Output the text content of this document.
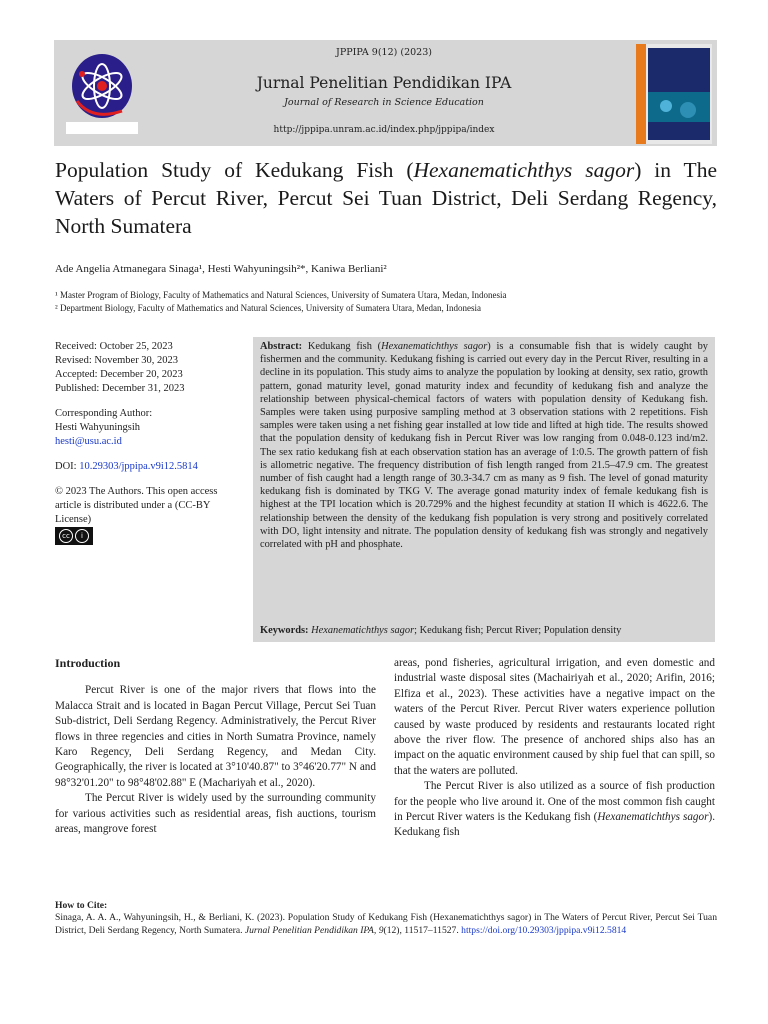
JPPIPA 9(12) (2023)
Jurnal Penelitian Pendidikan IPA
Journal of Research in Science Education
http://jppipa.unram.ac.id/index.php/jppipa/index
Population Study of Kedukang Fish (Hexanematichthys sagor) in The Waters of Percut River, Percut Sei Tuan District, Deli Serdang Regency, North Sumatera
Ade Angelia Atmanegara Sinaga¹, Hesti Wahyuningsih²*, Kaniwa Berliani²
¹ Master Program of Biology, Faculty of Mathematics and Natural Sciences, University of Sumatera Utara, Medan, Indonesia
² Department Biology, Faculty of Mathematics and Natural Sciences, University of Sumatera Utara, Medan, Indonesia
Received: October 25, 2023
Revised: November 30, 2023
Accepted: December 20, 2023
Published: December 31, 2023
Corresponding Author:
Hesti Wahyuningsih
hesti@usu.ac.id
DOI: 10.29303/jppipa.v9i12.5814
© 2023 The Authors. This open access article is distributed under a (CC-BY License)
cc	i
Abstract: Kedukang fish (Hexanematichthys sagor) is a consumable fish that is widely caught by fishermen and the community. Kedukang fishing is carried out every day in the Percut River, resulting in a decline in its population. This study aims to analyze the population by looking at density, sex ratio, growth pattern, gonad maturity level, gonad maturity index and fecundity of kedukang fish and analyze the relationship between physical-chemical factors of waters with population density of Kedukang fish. Samples were taken using purposive sampling method at 3 observation stations with 2 repetitions. Fish samples were taken using a net fishing gear installed at low tide and lifted at high tide. The results showed that the population density of kedukang fish in Percut River was low ranging from 0.048-0.123 ind/m2. The sex ratio kedukang fish at each observation station has an average of 1:0.5. The growth pattern of fish is allometric negative. The frequency distribution of fish length ranged from 21.5–47.9 cm. The greatest number of fish caught had a length range of 30.3-34.7 cm as many as 9 fish. The level of gonad maturity kedukang fish is dominated by TKG V. The average gonad maturity index of female kedukang fish is highest at the TPI location which is 20.729% and the highest fecundity at station II which is 4622.6. The relationship between the density of the kedukang fish population is very strong and positively correlated with DO, light intensity and nitrate. The population density of kedukang fish was strongly and negatively correlated with pH and phosphate.
Keywords: Hexanematichthys sagor; Kedukang fish; Percut River; Population density
Introduction

Percut River is one of the major rivers that flows into the Malacca Strait and is located in Bagan Percut Village, Percut Sei Tuan Sub-district, Deli Serdang Regency. Administratively, the Percut River flows in three regencies and cities in North Sumatra Province, namely Karo Regency, Deli Serdang Regency, and Medan City. Geographically, the river is located at 3°10'40.87" to 3°46'20.77" N and 98°32'01.20" to 98°48'02.88" E (Machariyah et al., 2020).

The Percut River is widely used by the surrounding community for various activities such as residential areas, fish auctions, tourism areas, mangrove forest

areas, pond fisheries, agricultural irrigation, and even domestic and industrial waste disposal sites (Machairiyah et al., 2020; Arifin, 2016; Elfiza et al., 2023). These activities have a negative impact on the waters of the Percut River. Percut River waters experience pollution caused by waste produced by residents and restaurants located right above the river flow. The presence of anchored ships also has an impact on the aquatic environment caused by ship fuel that can spill, so that the waters are polluted.

The Percut River is also utilized as a source of fish production for the people who live around it. One of the most common fish caught in Percut River waters is the Kedukang fish (Hexanematichthys sagor). Kedukang fish

How to Cite:
Sinaga, A. A. A., Wahyuningsih, H., & Berliani, K. (2023). Population Study of Kedukang Fish (Hexanematichthys sagor) in The Waters of Percut River, Percut Sei Tuan District, Deli Serdang Regency, North Sumatera. Jurnal Penelitian Pendidikan IPA, 9(12), 11517–11527. https://doi.org/10.29303/jppipa.v9i12.5814
